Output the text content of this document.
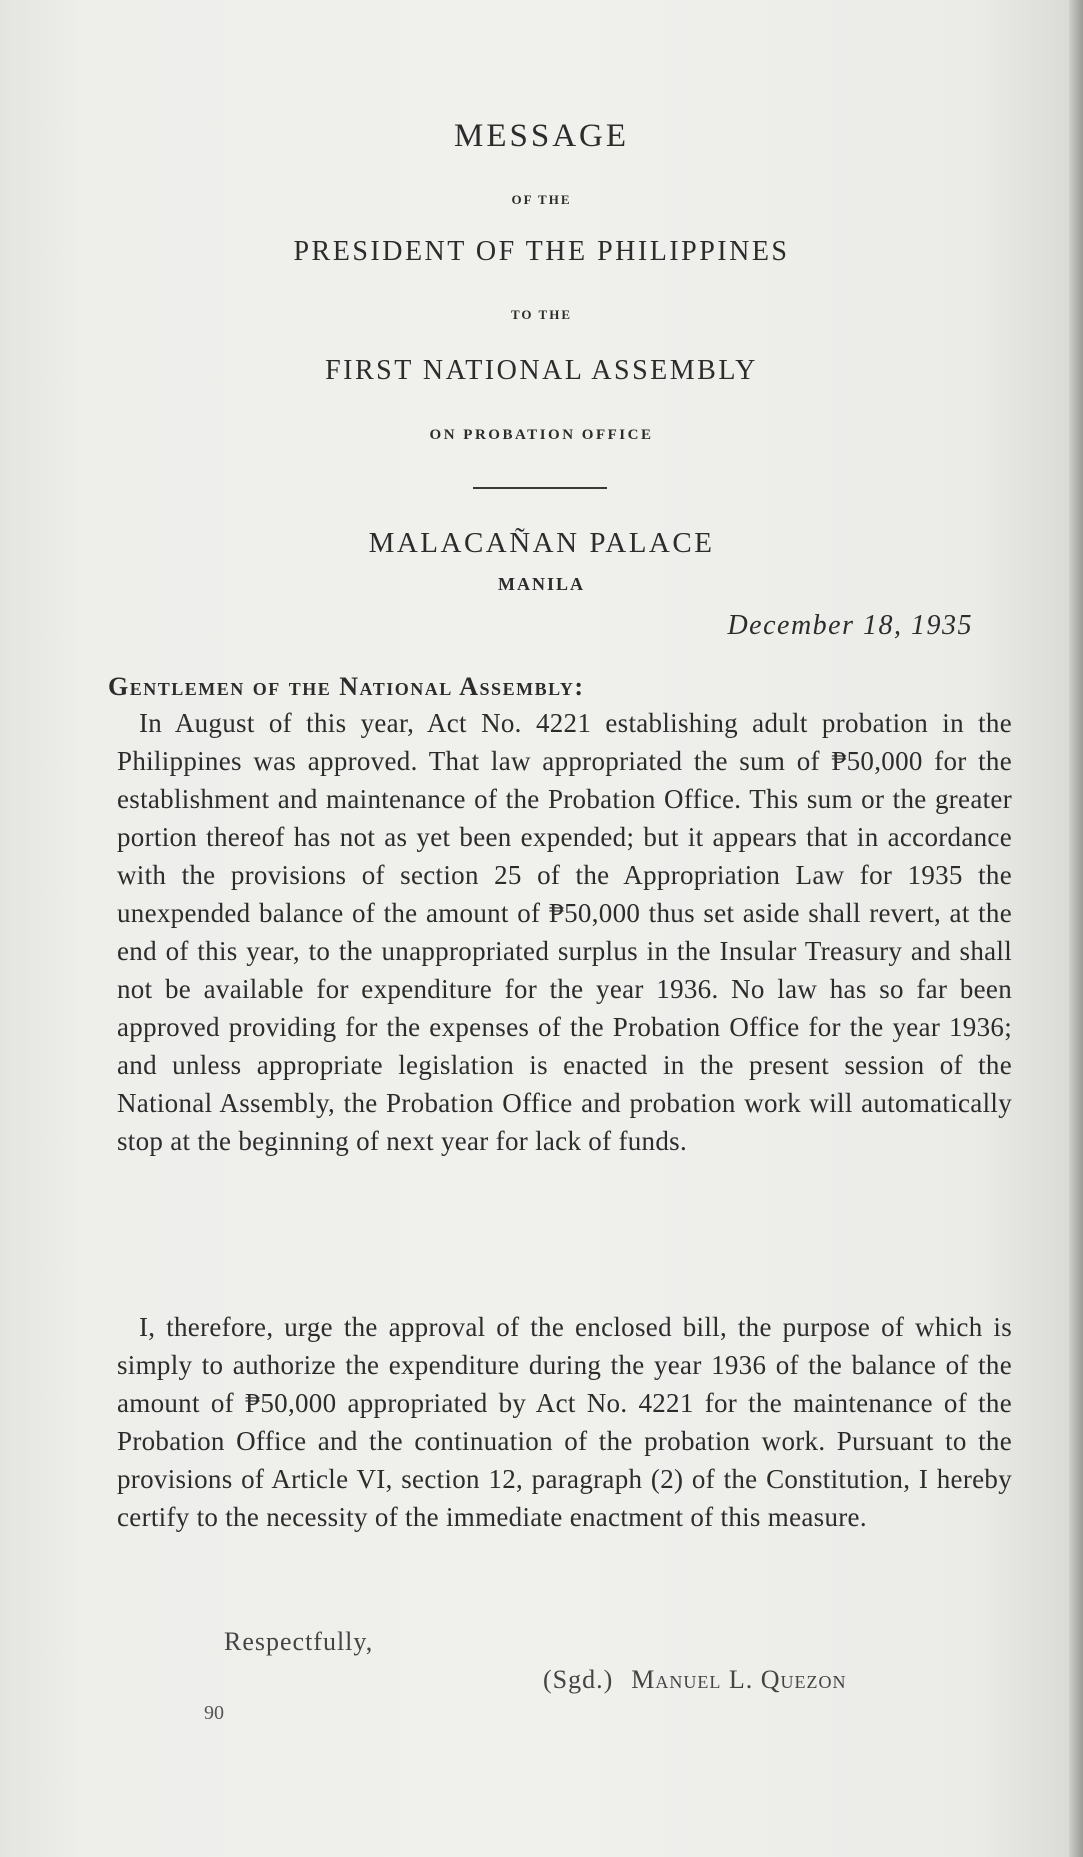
MESSAGE
OF THE
PRESIDENT OF THE PHILIPPINES
TO THE
FIRST NATIONAL ASSEMBLY
ON PROBATION OFFICE
MALACAÑAN PALACE
MANILA

December 18, 1935

Gentlemen of the National Assembly:

In August of this year, Act No. 4221 establishing adult probation in the Philippines was approved. That law appropriated the sum of ₱50,000 for the establishment and maintenance of the Probation Office. This sum or the greater portion thereof has not as yet been expended; but it appears that in accordance with the provisions of section 25 of the Appropriation Law for 1935 the unexpended balance of the amount of ₱50,000 thus set aside shall revert, at the end of this year, to the unappropriated surplus in the Insular Treasury and shall not be available for expenditure for the year 1936. No law has so far been approved providing for the expenses of the Probation Office for the year 1936; and unless appropriate legislation is enacted in the present session of the National Assembly, the Probation Office and probation work will automatically stop at the beginning of next year for lack of funds.

I, therefore, urge the approval of the enclosed bill, the purpose of which is simply to authorize the expenditure during the year 1936 of the balance of the amount of ₱50,000 appropriated by Act No. 4221 for the maintenance of the Probation Office and the continuation of the probation work. Pursuant to the provisions of Article VI, section 12, paragraph (2) of the Constitution, I hereby certify to the necessity of the immediate enactment of this measure.

Respectfully,

(Sgd.) Manuel L. Quezon

90
